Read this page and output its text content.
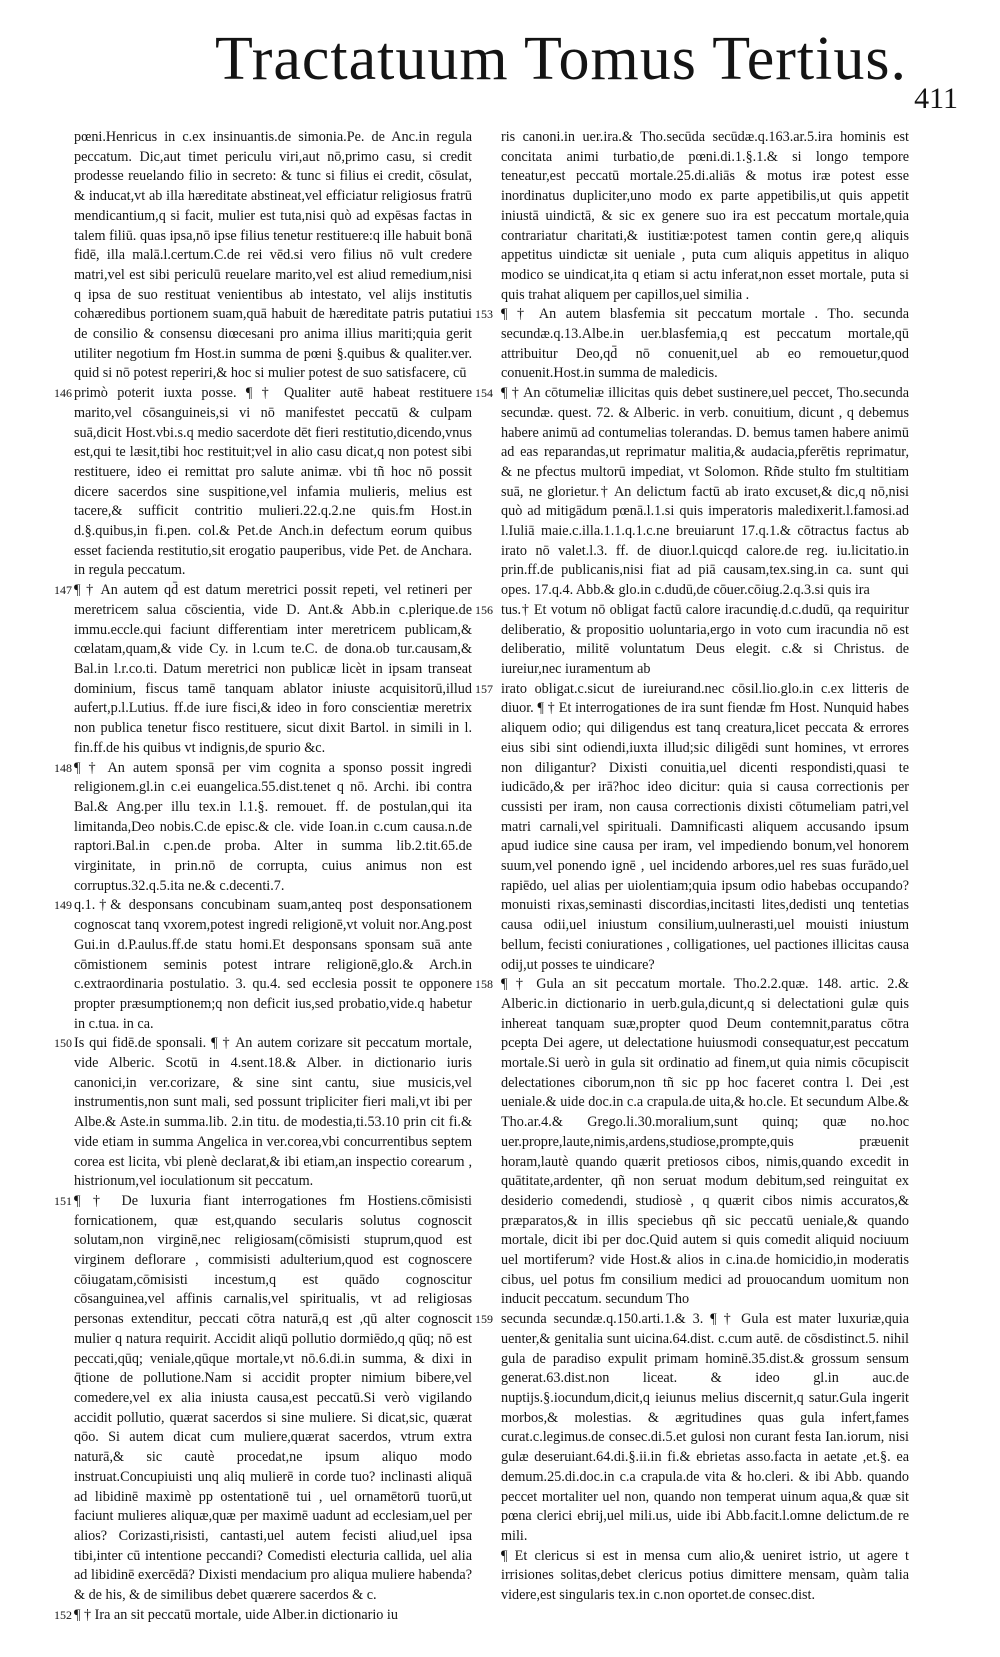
Tractatuum Tomus Tertius.
411

pœni.Henricus in c.ex insinuantis.de simonia.Pe. de Anc.in regula peccatum. Dic,aut timet periculu viri,aut nō,primo casu, si credit prodesse reuelando filio in secreto: & tunc si filius ei credit, cōsulat, & inducat,vt ab illa hæreditate abstineat,vel efficiatur religiosus fratrū mendicantium,q si facit, mulier est tuta,nisi quò ad expēsas factas in talem filiū. quas ipsa,nō ipse filius tenetur restituere:q ille habuit bonā fidē, illa malā.l.certum.C.de rei vēd.si vero filius nō vult credere matri,vel est sibi periculū reuelare marito,vel est aliud remedium,nisi q ipsa de suo restituat venientibus ab intestato, vel alijs institutis cohæredibus portionem suam,quā habuit de hæreditate patris putatiui de consilio & consensu diœcesani pro anima illius mariti;quia gerit utiliter negotium fm Host.in summa de pœni §.quibus & qualiter.ver. quid si nō potest reperiri,& hoc si mulier potest de suo satisfacere, cū

146 primò poterit iuxta posse. ¶ † Qualiter autē habeat restituere marito,vel cōsanguineis,si vi nō manifestet peccatū & culpam suā,dicit Host.vbi.s.q medio sacerdote dēt fieri restitutio,dicendo,vnus est,qui te læsit,tibi hoc restituit;vel in alio casu dicat,q non potest sibi restituere, ideo ei remittat pro salute animæ. vbi tñ hoc nō possit dicere sacerdos sine suspitione,vel infamia mulieris, melius est tacere,& sufficit contritio mulieri.22.q.2.ne quis.fm Host.in d.§.quibus,in fi.pen. col.& Pet.de Anch.in defectum eorum quibus esset facienda restitutio,sit erogatio pauperibus, vide Pet. de Anchara. in regula peccatum.

147 ¶ † An autem qd̄ est datum meretrici possit repeti, vel retineri per meretricem salua cōscientia, vide D. Ant.& Abb.in c.plerique.de immu.eccle.qui faciunt differentiam inter meretricem publicam,& cœlatam,quam,& vide Cy. in l.cum te.C. de dona.ob tur.causam,& Bal.in l.r.co.ti. Datum meretrici non publicæ licèt in ipsam transeat dominium, fiscus tamē tanquam ablator iniuste acquisitorū,illud aufert,p.l.Lutius. ff.de iure fisci,& ideo in foro conscientiæ meretrix non publica tenetur fisco restituere, sicut dixit Bartol. in simili in l. fin.ff.de his quibus vt indignis,de spurio &c.

148 ¶ † An autem sponsā per vim cognita a sponso possit ingredi religionem.gl.in c.ei euangelica.55.dist.tenet q nō. Archi. ibi contra Bal.& Ang.per illu tex.in l.1.§. remouet. ff. de postulan,qui ita limitanda,Deo nobis.C.de episc.& cle. vide Ioan.in c.cum causa.n.de raptori.Bal.in c.pen.de proba. Alter in summa lib.2.tit.65.de virginitate, in prin.nō de corrupta, cuius animus non est corruptus.32.q.5.ita ne.& c.decenti.7.

149 q.1.†& desponsans concubinam suam,anteq post desponsationem cognoscat tanq vxorem,potest ingredi religionē,vt voluit nor.Ang.post Gui.in d.P.aulus.ff.de statu homi.Et desponsans sponsam suā ante cōmistionem seminis potest intrare religionē,glo.& Arch.in c.extraordinaria postulatio. 3. qu.4. sed ecclesia possit te opponere propter præsumptionem;q non deficit ius,sed probatio,vide.q habetur in c.tua. in ca.

150 Is qui fidē.de sponsali. ¶ † An autem corizare sit peccatum mortale, vide Alberic. Scotū in 4.sent.18.& Alber. in dictionario iuris canonici,in ver.corizare, & sine sint cantu, siue musicis,vel instrumentis,non sunt mali, sed possunt tripliciter fieri mali,vt ibi per Albe.& Aste.in summa.lib. 2.in titu. de modestia,ti.53.10 prin cit fi.& vide etiam in summa Angelica in ver.corea,vbi concurrentibus septem corea est licita, vbi plenè declarat,& ibi etiam,an inspectio corearum , histrionum,vel ioculationum sit peccatum.

151 ¶ † De luxuria fiant interrogationes fm Hostiens.cōmisisti fornicationem, quæ est,quando secularis solutus cognoscit solutam,non virginē,nec religiosam(cōmisisti stuprum,quod est virginem deflorare , commisisti adulterium,quod est cognoscere cōiugatam,cōmisisti incestum,q est quādo cognoscitur cōsanguinea,vel affinis carnalis,vel spiritualis, vt ad religiosas personas extenditur, peccati cōtra naturā,q est ,qū alter cognoscit mulier q natura requirit. Accidit aliqū pollutio dormiēdo,q qūq; nō est peccati,qūq; veniale,qūque mortale,vt nō.6.di.in summa, & dixi in q̄tione de pollutione.Nam si accidit propter nimium bibere,vel comedere,vel ex alia iniusta causa,est peccatū.Si verò vigilando accidit pollutio, quærat sacerdos si sine muliere. Si dicat,sic, quærat qōo. Si autem dicat cum muliere,quærat sacerdos, vtrum extra naturā,& sic cautè procedat,ne ipsum aliquo modo instruat.Concupiuisti unq aliq mulierē in corde tuo? inclinasti aliquā ad libidinē maximè pp ostentationē tui , uel ornamētorū tuorū,ut faciunt mulieres aliquæ,quæ per maximē uadunt ad ecclesiam,uel per alios? Corizasti,risisti, cantasti,uel autem fecisti aliud,uel ipsa tibi,inter cū intentione peccandi? Comedisti electuria callida, uel alia ad libidinē exercēdā? Dixisti mendacium pro aliqua muliere habenda? & de his, & de similibus debet quærere sacerdos & c.

152 ¶ † Ira an sit peccatū mortale, uide Alber.in dictionario iu

ris canoni.in uer.ira.& Tho.secūda secūdæ.q.163.ar.5.ira hominis est concitata animi turbatio,de pœni.di.1.§.1.& si longo tempore teneatur,est peccatū mortale.25.di.aliās & motus iræ potest esse inordinatus dupliciter,uno modo ex parte appetibilis,ut quis appetit iniustā uindictā, & sic ex genere suo ira est peccatum mortale,quia contrariatur charitati,& iustitiæ:potest tamen contin gere,q aliquis appetitus uindictæ sit ueniale , puta cum aliquis appetitus in aliquo modico se uindicat,ita q etiam si actu inferat,non esset mortale, puta si quis trahat aliquem per capillos,uel similia .

153 ¶ † An autem blasfemia sit peccatum mortale . Tho. secunda secundæ.q.13.Albe.in uer.blasfemia,q est peccatum mortale,qū attribuitur Deo,qd̄ nō conuenit,uel ab eo remouetur,quod conuenit.Host.in summa de maledicis.

154 ¶ † An cōtumeliæ illicitas quis debet sustinere,uel peccet, Tho.secunda secundæ. quest. 72. & Alberic. in verb. conuitium, dicunt , q debemus habere animū ad contumelias tolerandas. D. bemus tamen habere animū ad eas reparandas,ut reprimatur malitia,& audacia,pferētis reprimatur, & ne pfectus multorū impediat, vt Solomon. Rñde stulto fm stultitiam suā, ne glorietur.† An delictum factū ab irato excuset,& dic,q nō,nisi quò ad mitigādum pœnā.l.1.si quis imperatoris maledixerit.l.famosi.ad l.Iuliā maie.c.illa.1.1.q.1.c.ne breuiarunt 17.q.1.& cōtractus factus ab irato nō valet.l.3. ff. de diuor.l.quicqd calore.de reg. iu.licitatio.in prin.ff.de publicanis,nisi fiat ad piā causam,tex.sing.in ca. sunt qui opes. 17.q.4. Abb.& glo.in c.dudū,de cōuer.cōiug.2.q.3.si quis ira

156 tus.† Et votum nō obligat factū calore iracundię.d.c.dudū, qa requiritur deliberatio, & propositio uoluntaria,ergo in voto cum iracundia nō est deliberatio, militē voluntatum Deus elegit. c.& si Christus. de iureiur,nec iuramentum ab

157 irato obligat.c.sicut de iureiurand.nec cōsil.lio.glo.in c.ex litteris de diuor. ¶ † Et interrogationes de ira sunt fiendæ fm Host. Nunquid habes aliquem odio; qui diligendus est tanq creatura,licet peccata & errores eius sibi sint odiendi,iuxta illud;sic diligēdi sunt homines, vt errores non diligantur? Dixisti conuitia,uel dicenti respondisti,quasi te iudicādo,& per irā?hoc ideo dicitur: quia si causa correctionis per cussisti per iram, non causa correctionis dixisti cōtumeliam patri,vel matri carnali,vel spirituali. Damnificasti aliquem accusando ipsum apud iudice sine causa per iram, vel impediendo bonum,vel honorem suum,vel ponendo ignē , uel incidendo arbores,uel res suas furādo,uel rapiēdo, uel alias per uiolentiam;quia ipsum odio habebas occupando? monuisti rixas,seminasti discordias,incitasti lites,dedisti unq tentetias causa odii,uel iniustum consilium,uulnerasti,uel mouisti iniustum bellum, fecisti coniurationes , colligationes, uel pactiones illicitas causa odij,ut posses te uindicare?

158 ¶ † Gula an sit peccatum mortale. Tho.2.2.quæ. 148. artic. 2.& Alberic.in dictionario in uerb.gula,dicunt,q si delectationi gulæ quis inhereat tanquam suæ,propter quod Deum contemnit,paratus cōtra pcepta Dei agere, ut delectatione huiusmodi consequatur,est peccatum mortale.Si uerò in gula sit ordinatio ad finem,ut quia nimis cōcupiscit delectationes ciborum,non tñ sic pp hoc faceret contra l. Dei ,est ueniale.& uide doc.in c.a crapula.de uita,& ho.cle. Et secundum Albe.& Tho.ar.4.& Grego.li.30.moralium,sunt quinq; quæ no.hoc uer.propre,laute,nimis,ardens,studiose,prompte,quis præuenit horam,lautè quando quærit pretiosos cibos, nimis,quando excedit in quātitate,ardenter, qñ non seruat modum debitum,sed reinguitat ex desiderio comedendi, studiosè , q quærit cibos nimis accuratos,& præparatos,& in illis speciebus qñ sic peccatū ueniale,& quando mortale, dicit ibi per doc.Quid autem si quis comedit aliquid nociuum uel mortiferum? vide Host.& alios in c.ina.de homicidio,in moderatis cibus, uel potus fm consilium medici ad prouocandum uomitum non inducit peccatum. secundum Tho

159 secunda secundæ.q.150.arti.1.& 3. ¶ † Gula est mater luxuriæ,quia uenter,& genitalia sunt uicina.64.dist. c.cum autē. de cōsdistinct.5. nihil gula de paradiso expulit primam hominē.35.dist.& grossum sensum generat.63.dist.non liceat. & ideo gl.in auc.de nuptijs.§.iocundum,dicit,q ieiunus melius discernit,q satur.Gula ingerit morbos,& molestias. & ægritudines quas gula infert,fames curat.c.legimus.de consec.di.5.et gulosi non curant festa Ian.iorum, nisi gulæ deseruiant.64.di.§.ii.in fi.& ebrietas asso.facta in aetate ,et.§. ea demum.25.di.doc.in c.a crapula.de vita & ho.cleri. & ibi Abb. quando peccet mortaliter uel non, quando non temperat uinum aqua,& quæ sit pœna clerici ebrij,uel mili.us, uide ibi Abb.facit.l.omne delictum.de re mili.

¶ Et clericus si est in mensa cum alio,& ueniret istrio, ut agere t irrisiones solitas,debet clericus potius dimittere mensam, quàm talia videre,est singularis tex.in c.non oportet.de consec.dist.
